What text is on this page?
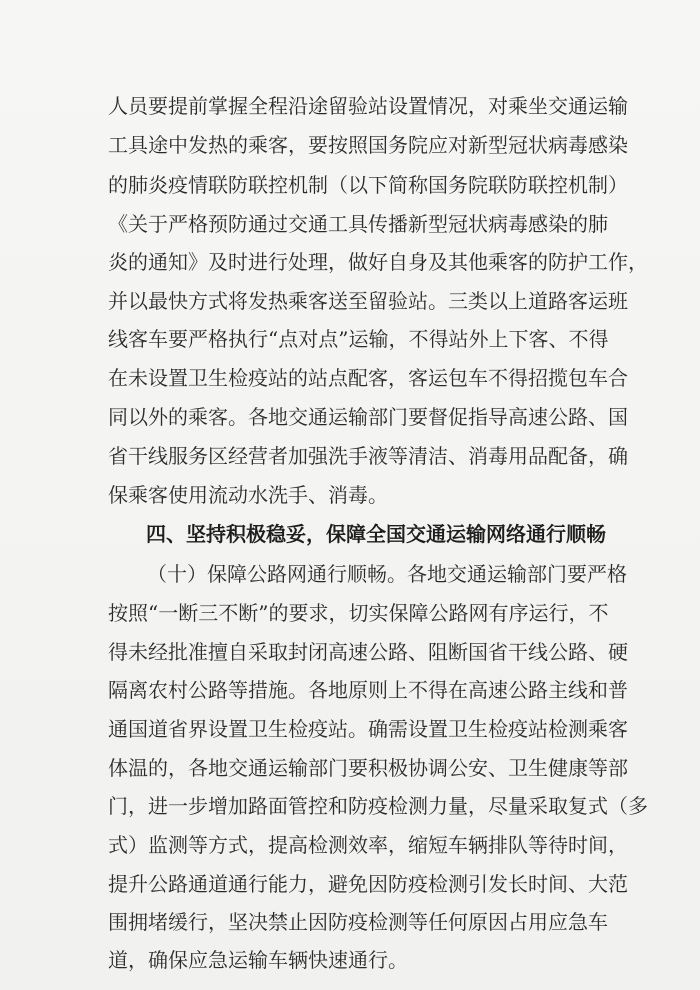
人员要提前掌握全程沿途留验站设置情况，对乘坐交通运输
工具途中发热的乘客，要按照国务院应对新型冠状病毒感染
的肺炎疫情联防联控机制（以下简称国务院联防联控机制）
《关于严格预防通过交通工具传播新型冠状病毒感染的肺
炎的通知》及时进行处理，做好自身及其他乘客的防护工作，
并以最快方式将发热乘客送至留验站。三类以上道路客运班
线客车要严格执行“点对点”运输，不得站外上下客、不得
在未设置卫生检疫站的站点配客，客运包车不得招揽包车合
同以外的乘客。各地交通运输部门要督促指导高速公路、国
省干线服务区经营者加强洗手液等清洁、消毒用品配备，确
保乘客使用流动水洗手、消毒。
四、坚持积极稳妥，保障全国交通运输网络通行顺畅
（十）保障公路网通行顺畅。各地交通运输部门要严格
按照“一断三不断”的要求，切实保障公路网有序运行，不
得未经批准擅自采取封闭高速公路、阻断国省干线公路、硬
隔离农村公路等措施。各地原则上不得在高速公路主线和普
通国道省界设置卫生检疫站。确需设置卫生检疫站检测乘客
体温的，各地交通运输部门要积极协调公安、卫生健康等部
门，进一步增加路面管控和防疫检测力量，尽量采取复式（多
式）监测等方式，提高检测效率，缩短车辆排队等待时间，
提升公路通道通行能力，避免因防疫检测引发长时间、大范
围拥堵缓行，坚决禁止因防疫检测等任何原因占用应急车
道，确保应急运输车辆快速通行。
